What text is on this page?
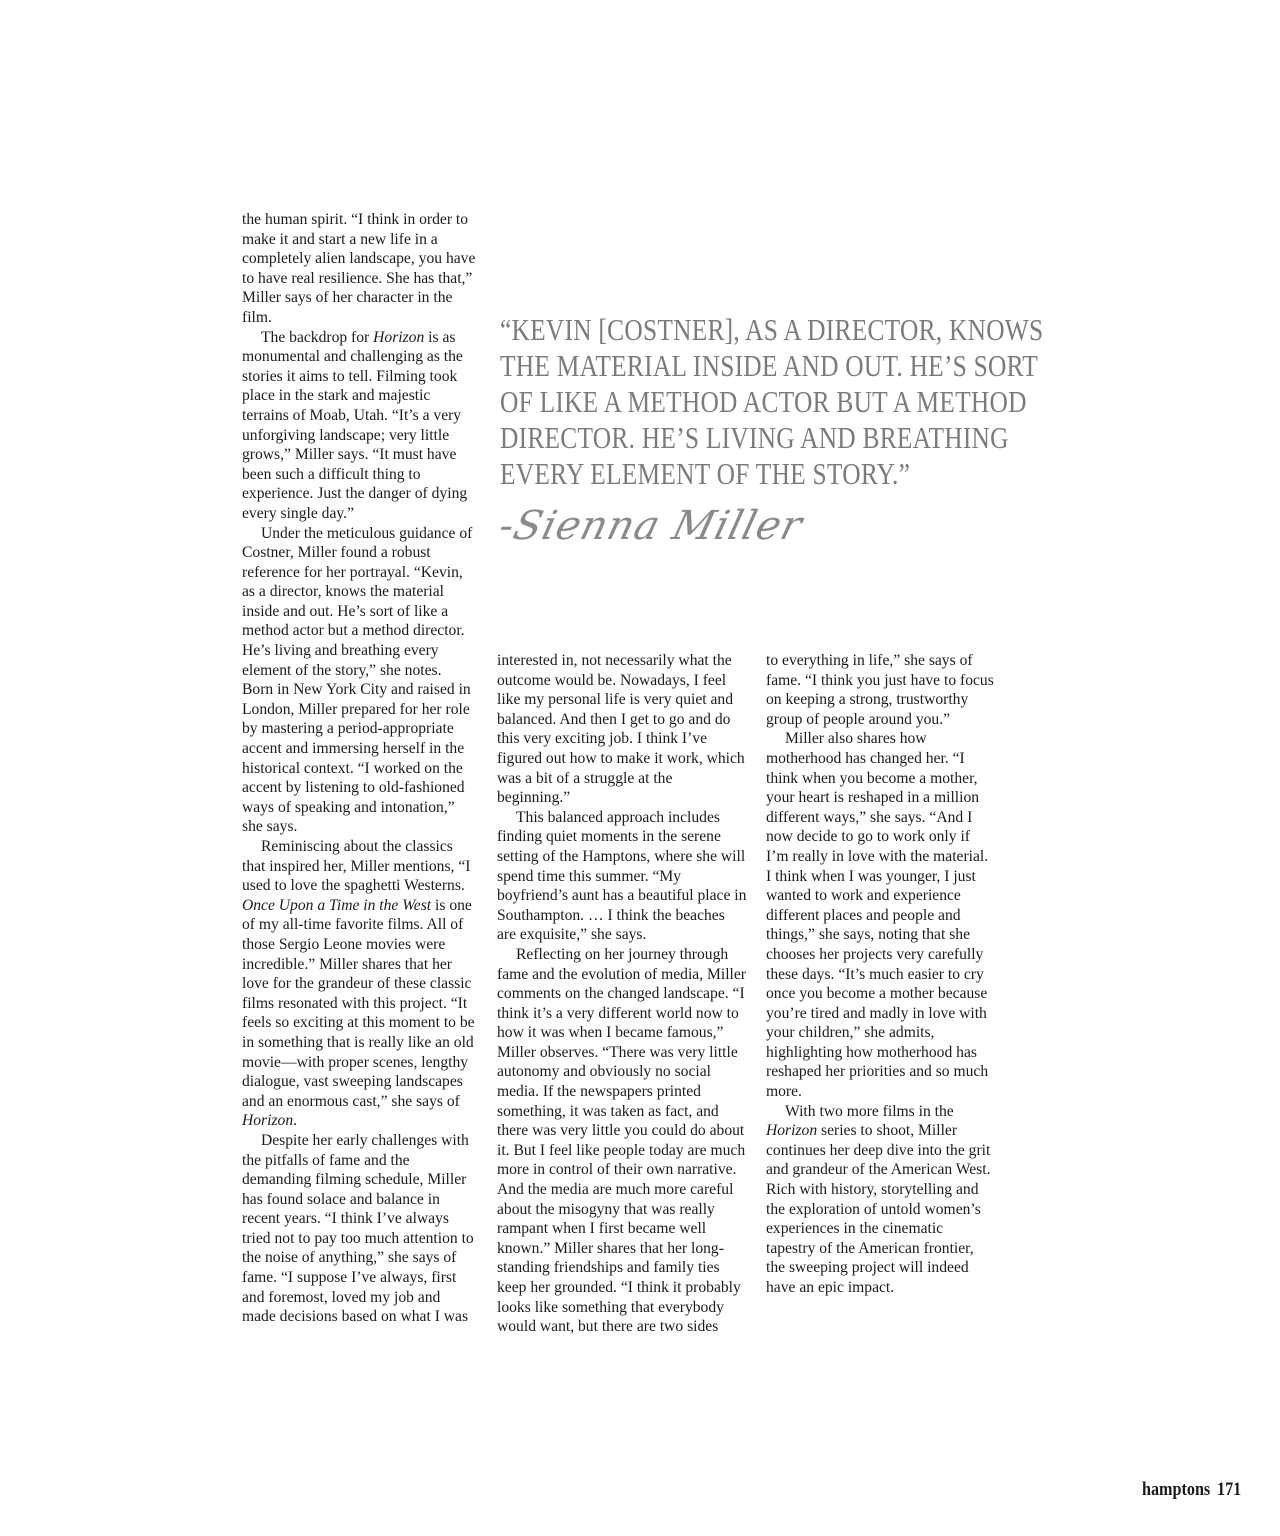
the human spirit. “I think in order to make it and start a new life in a completely alien landscape, you have to have real resilience. She has that,” Miller says of her character in the film.

The backdrop for Horizon is as monumental and challenging as the stories it aims to tell. Filming took place in the stark and majestic terrains of Moab, Utah. “It’s a very unforgiving landscape; very little grows,” Miller says. “It must have been such a difficult thing to experience. Just the danger of dying every single day.”

Under the meticulous guidance of Costner, Miller found a robust reference for her portrayal. “Kevin, as a director, knows the material inside and out. He’s sort of like a method actor but a method director. He’s living and breathing every element of the story,” she notes. Born in New York City and raised in London, Miller prepared for her role by mastering a period-appropriate accent and immersing herself in the historical context. “I worked on the accent by listening to old-fashioned ways of speaking and intonation,” she says.

Reminiscing about the classics that inspired her, Miller mentions, “I used to love the spaghetti Westerns. Once Upon a Time in the West is one of my all-time favorite films. All of those Sergio Leone movies were incredible.” Miller shares that her love for the grandeur of these classic films resonated with this project. “It feels so exciting at this moment to be in something that is really like an old movie—with proper scenes, lengthy dialogue, vast sweeping landscapes and an enormous cast,” she says of Horizon.

Despite her early challenges with the pitfalls of fame and the demanding filming schedule, Miller has found solace and balance in recent years. “I think I’ve always tried not to pay too much attention to the noise of anything,” she says of fame. “I suppose I’ve always, first and foremost, loved my job and made decisions based on what I was

“KEVIN [COSTNER], AS A DIRECTOR, KNOWS
THE MATERIAL INSIDE AND OUT. HE’S SORT
OF LIKE A METHOD ACTOR BUT A METHOD
DIRECTOR. HE’S LIVING AND BREATHING
EVERY ELEMENT OF THE STORY.”
-Sienna Miller

interested in, not necessarily what the outcome would be. Nowadays, I feel like my personal life is very quiet and balanced. And then I get to go and do this very exciting job. I think I’ve figured out how to make it work, which was a bit of a struggle at the beginning.”

This balanced approach includes finding quiet moments in the serene setting of the Hamptons, where she will spend time this summer. “My boyfriend’s aunt has a beautiful place in Southampton. … I think the beaches are exquisite,” she says.

Reflecting on her journey through fame and the evolution of media, Miller comments on the changed landscape. “I think it’s a very different world now to how it was when I became famous,” Miller observes. “There was very little autonomy and obviously no social media. If the newspapers printed something, it was taken as fact, and there was very little you could do about it. But I feel like people today are much more in control of their own narrative. And the media are much more careful about the misogyny that was really rampant when I first became well known.” Miller shares that her long-standing friendships and family ties keep her grounded. “I think it probably looks like something that everybody would want, but there are two sides

to everything in life,” she says of fame. “I think you just have to focus on keeping a strong, trustworthy group of people around you.”

Miller also shares how motherhood has changed her. “I think when you become a mother, your heart is reshaped in a million different ways,” she says. “And I now decide to go to work only if I’m really in love with the material. I think when I was younger, I just wanted to work and experience different places and people and things,” she says, noting that she chooses her projects very carefully these days. “It’s much easier to cry once you become a mother because you’re tired and madly in love with your children,” she admits, highlighting how motherhood has reshaped her priorities and so much more.

With two more films in the Horizon series to shoot, Miller continues her deep dive into the grit and grandeur of the American West. Rich with history, storytelling and the exploration of untold women’s experiences in the cinematic tapestry of the American frontier, the sweeping project will indeed have an epic impact.

hamptons 171
